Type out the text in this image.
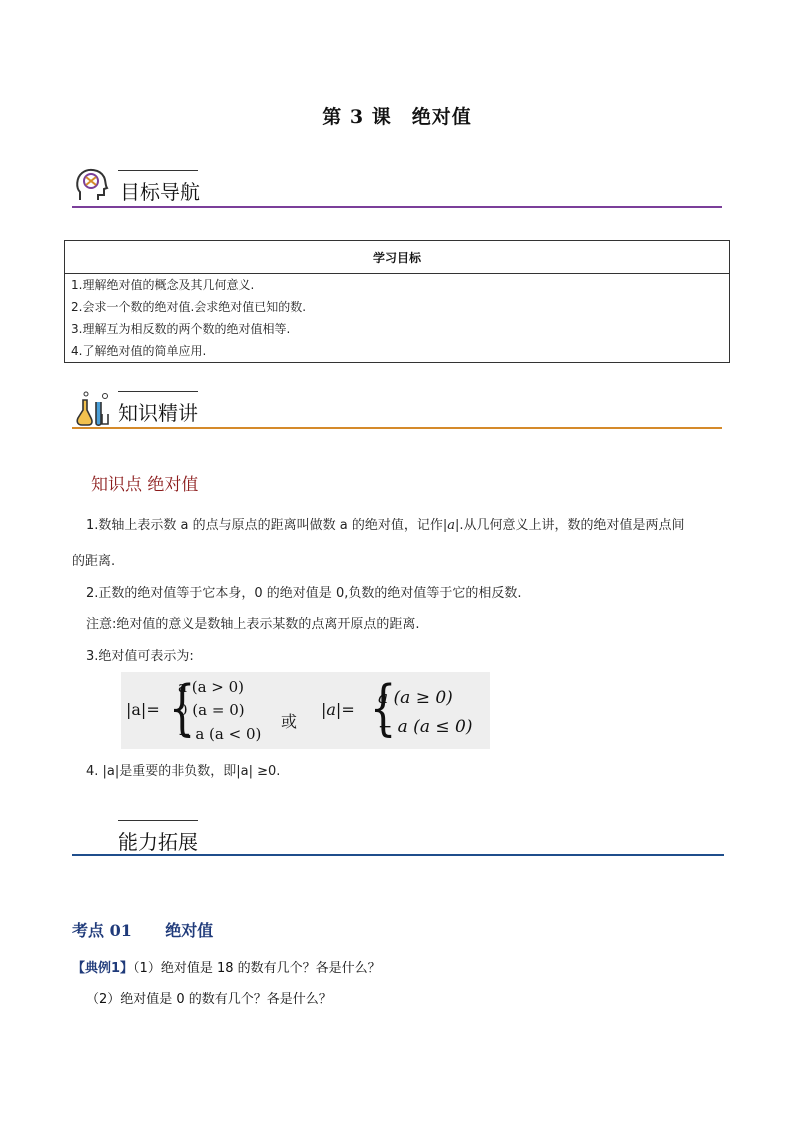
第 3 课 绝对值
目标导航
学习目标
1.理解绝对值的概念及其几何意义.
2.会求一个数的绝对值.会求绝对值已知的数.
3.理解互为相反数的两个数的绝对值相等.
4.了解绝对值的简单应用.
知识精讲
知识点 绝对值
1.数轴上表示数 a 的点与原点的距离叫做数 a 的绝对值，记作|a|.从几何意义上讲，数的绝对值是两点间
的距离.
2.正数的绝对值等于它本身，0 的绝对值是 0,负数的绝对值等于它的相反数.
注意:绝对值的意义是数轴上表示某数的点离开原点的距离.
3.绝对值可表示为:
|a|= {
a (a > 0)
0 (a = 0)
− a (a < 0)
或
|a|= {
a (a ≥ 0)
− a (a ≤ 0)
4. |a|是重要的非负数，即|a| ≥0.
能力拓展
考点 01      绝对值
【典例1】（1）绝对值是 18 的数有几个？各是什么？
（2）绝对值是 0 的数有几个？各是什么？
